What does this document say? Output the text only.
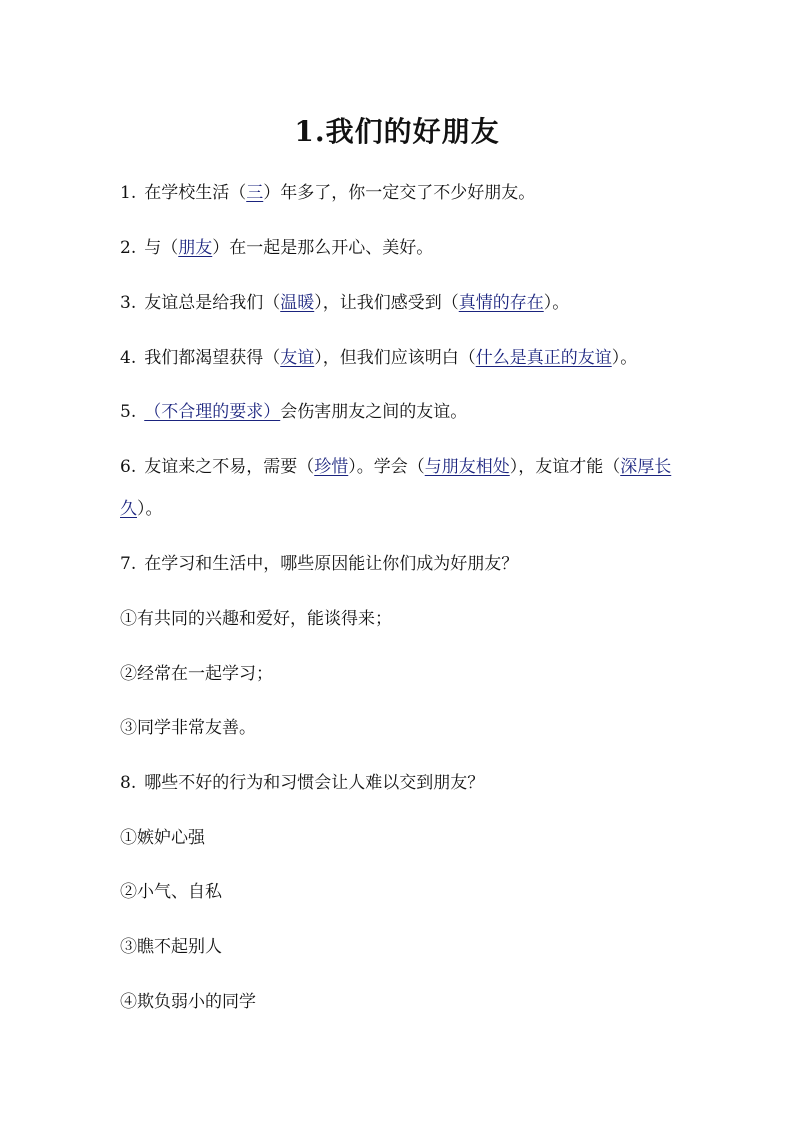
1.我们的好朋友
1. 在学校生活（三）年多了，你一定交了不少好朋友。
2. 与（朋友）在一起是那么开心、美好。
3. 友谊总是给我们（温暖），让我们感受到（真情的存在）。
4. 我们都渴望获得（友谊），但我们应该明白（什么是真正的友谊）。
5. （不合理的要求）会伤害朋友之间的友谊。
6. 友谊来之不易，需要（珍惜）。学会（与朋友相处），友谊才能（深厚长久）。
7. 在学习和生活中，哪些原因能让你们成为好朋友？
①有共同的兴趣和爱好，能谈得来；
②经常在一起学习；
③同学非常友善。
8. 哪些不好的行为和习惯会让人难以交到朋友？
①嫉妒心强
②小气、自私
③瞧不起别人
④欺负弱小的同学
